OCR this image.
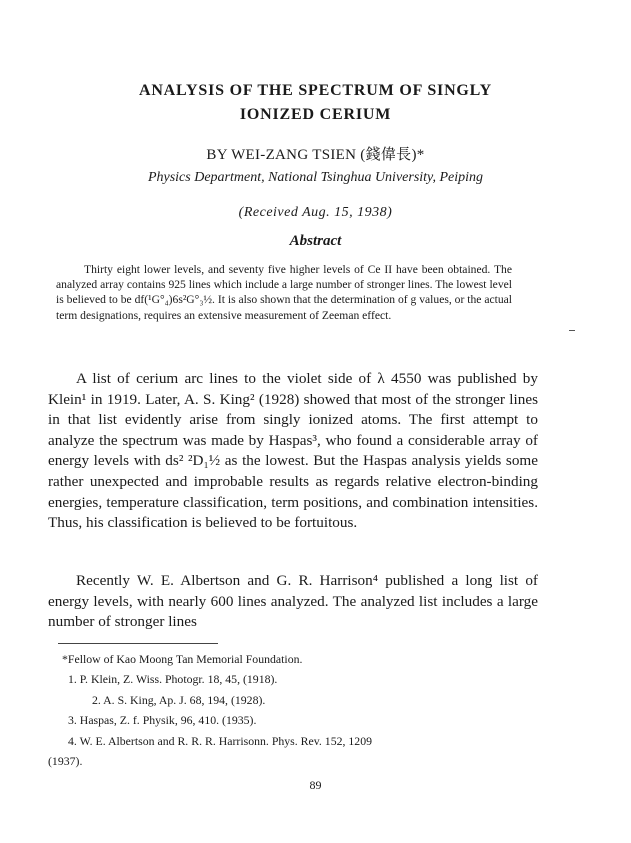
ANALYSIS OF THE SPECTRUM OF SINGLY
IONIZED CERIUM
BY WEI-ZANG TSIEN (錢偉長)*
Physics Department, National Tsinghua University, Peiping
(Received Aug. 15, 1938)
Abstract

Thirty eight lower levels, and seventy five higher levels of Ce II have been obtained. The analyzed array contains 925 lines which include a large number of stronger lines. The lowest level is believed to be df(¹G°₄)6s²G°₃½. It is also shown that the determination of g values, or the actual term designations, requires an extensive measurement of Zeeman effect.

A list of cerium arc lines to the violet side of λ 4550 was published by Klein¹ in 1919. Later, A. S. King² (1928) showed that most of the stronger lines in that list evidently arise from singly ionized atoms. The first attempt to analyze the spectrum was made by Haspas³, who found a considerable array of energy levels with ds² ²D₁½ as the lowest. But the Haspas analysis yields some rather unexpected and improbable results as regards relative electron-binding energies, temperature classification, term positions, and combination intensities. Thus, his classification is believed to be fortuitous.

Recently W. E. Albertson and G. R. Harrison⁴ published a long list of energy levels, with nearly 600 lines analyzed. The analyzed list includes a large number of stronger lines

*Fellow of Kao Moong Tan Memorial Foundation.
1. P. Klein, Z. Wiss. Photogr. 18, 45, (1918).
2. A. S. King, Ap. J. 68, 194, (1928).
3. Haspas, Z. f. Physik, 96, 410. (1935).
4. W. E. Albertson and R. R. R. Harrisonn. Phys. Rev. 152, 1209
(1937).
89
